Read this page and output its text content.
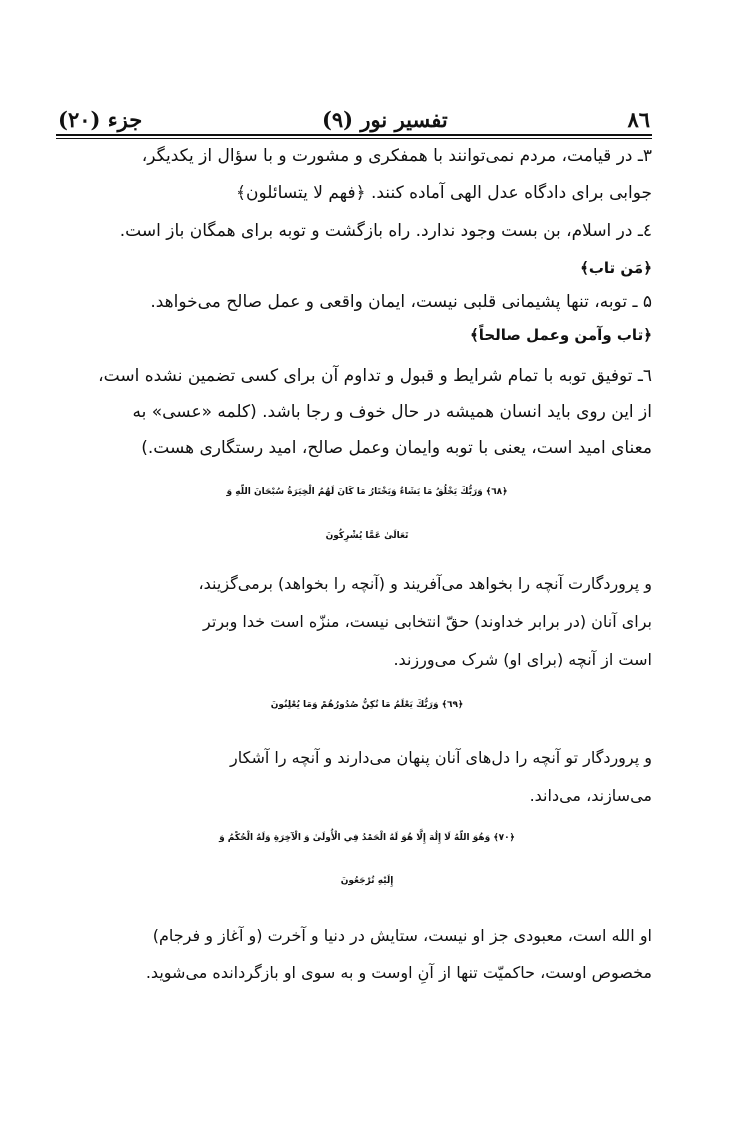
۸٦
تفسیر نور (۹)
جزء (۲۰)
۳ـ در قیامت، مردم نمی‌توانند با همفکری و مشورت و با سؤال از یکدیگر،
جوابی برای دادگاه عدل الهی آماده کنند. ﴿فهم لا یتسائلون﴾
٤ـ در اسلام، بن بست وجود ندارد. راه بازگشت و توبه برای همگان باز است.
﴿مَن تاب﴾
۵ ـ توبه، تنها پشیمانی قلبی نیست، ایمان واقعی و عمل صالح می‌خواهد.
﴿تاب وآمن وعمل صالحاً﴾
٦ـ توفیق توبه با تمام شرایط و قبول و تداوم آن برای کسی تضمین نشده است،
از این روی باید انسان همیشه در حال خوف و رجا باشد. (کلمه «عسی» به
معنای امید است، یعنی با توبه وایمان وعمل صالح، امید رستگاری هست.)
﴿٦٨﴾ وَرَبُّكَ يَخْلُقُ مَا يَشَاءُ وَيَخْتَارُ مَا كَانَ لَهُمُ الْخِيَرَةُ سُبْحَانَ اللّهِ وَ
تَعَالَىٰ عَمَّا يُشْرِكُونَ
و پروردگارت آنچه را بخواهد می‌آفریند و (آنچه را بخواهد) برمی‌گزیند،
برای آنان (در برابر خداوند) حقّ انتخابی نیست، منزّه است خدا وبرتر
است از آنچه (برای او) شرک می‌ورزند.
﴿٦٩﴾ وَرَبُّكَ يَعْلَمُ مَا تُكِنُّ صُدُورُهُمْ وَمَا يُعْلِنُونَ
و پروردگار تو آنچه را دل‌های آنان پنهان می‌دارند و آنچه را آشکار
می‌سازند، می‌داند.
﴿٧٠﴾ وَهُوَ اللّهُ لَا إِلَٰهَ إِلَّا هُوَ لَهُ الْحَمْدُ فِي الْأُولَىٰ وَ الْآخِرَةِ وَلَهُ الْحُكْمُ وَ
إِلَيْهِ تُرْجَعُونَ
او الله است، معبودی جز او نیست، ستایش در دنیا و آخرت (و آغاز و فرجام)
مخصوص اوست، حاکمیّت تنها از آنِ اوست و به سوی او بازگردانده می‌شوید.
